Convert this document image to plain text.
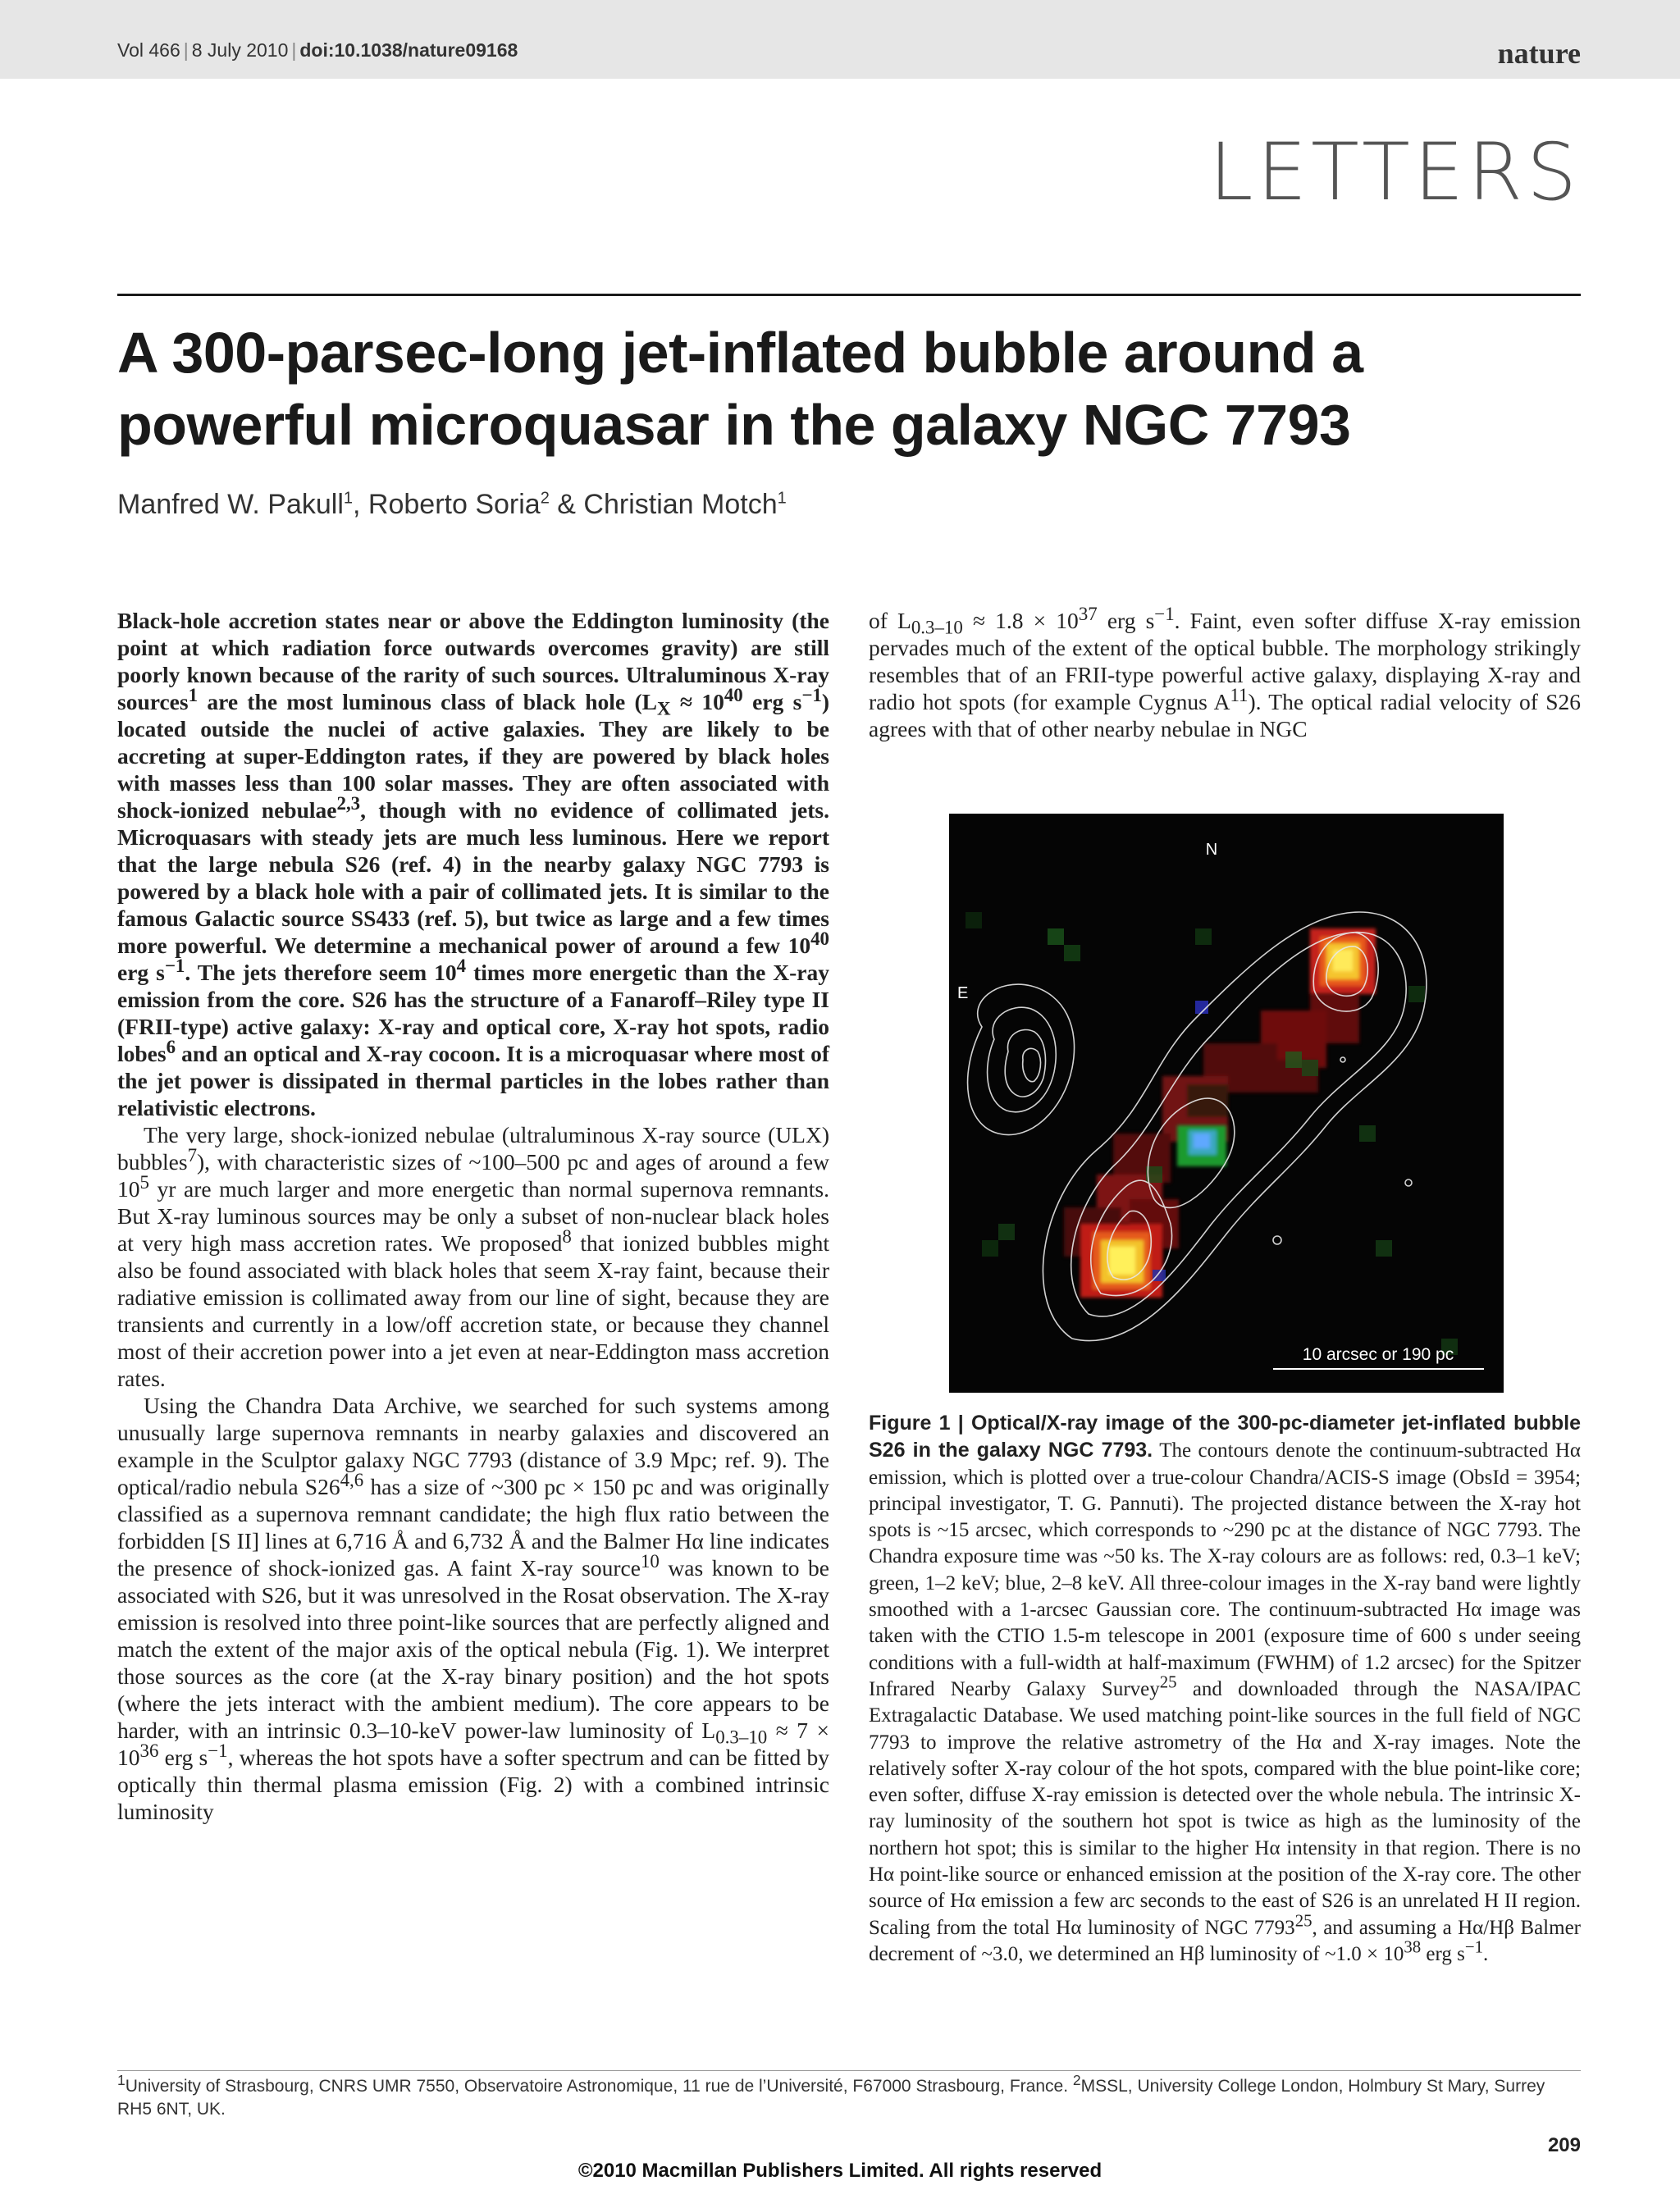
Vol 466 | 8 July 2010 | doi:10.1038/nature09168	nature
LETTERS
A 300-parsec-long jet-inflated bubble around a
powerful microquasar in the galaxy NGC 7793
Manfred W. Pakull$^1$, Roberto Soria$^2$ & Christian Motch$^1$

Black-hole accretion states near or above the Eddington luminosity (the point at which radiation force outwards overcomes gravity) are still poorly known because of the rarity of such sources. Ultraluminous X-ray sources$^1$ are the most luminous class of black hole ($L_X \approx 10^{40}$ erg $s^{-1}$) located outside the nuclei of active galaxies. They are likely to be accreting at super-Eddington rates, if they are powered by black holes with masses less than 100 solar masses. They are often associated with shock-ionized nebulae$^{2,3}$, though with no evidence of collimated jets. Microquasars with steady jets are much less luminous. Here we report that the large nebula S26 (ref. 4) in the nearby galaxy NGC 7793 is powered by a black hole with a pair of collimated jets. It is similar to the famous Galactic source SS433 (ref. 5), but twice as large and a few times more powerful. We determine a mechanical power of around a few $10^{40}$ erg $s^{-1}$. The jets therefore seem $10^4$ times more energetic than the X-ray emission from the core. S26 has the structure of a Fanaroff–Riley type II (FRII-type) active galaxy: X-ray and optical core, X-ray hot spots, radio lobes$^6$ and an optical and X-ray cocoon. It is a microquasar where most of the jet power is dissipated in thermal particles in the lobes rather than relativistic electrons.

The very large, shock-ionized nebulae (ultraluminous X-ray source (ULX) bubbles$^7$), with characteristic sizes of ~100–500 pc and ages of around a few $10^5$ yr are much larger and more energetic than normal supernova remnants. But X-ray luminous sources may be only a subset of non-nuclear black holes at very high mass accretion rates. We proposed$^8$ that ionized bubbles might also be found associated with black holes that seem X-ray faint, because their radiative emission is collimated away from our line of sight, because they are transients and currently in a low/off accretion state, or because they channel most of their accretion power into a jet even at near-Eddington mass accretion rates.

Using the Chandra Data Archive, we searched for such systems among unusually large supernova remnants in nearby galaxies and discovered an example in the Sculptor galaxy NGC 7793 (distance of 3.9 Mpc; ref. 9). The optical/radio nebula S26$^{4,6}$ has a size of ~300 pc × 150 pc and was originally classified as a supernova remnant candidate; the high flux ratio between the forbidden [S II] lines at 6,716 Å and 6,732 Å and the Balmer Hα line indicates the presence of shock-ionized gas. A faint X-ray source$^{10}$ was known to be associated with S26, but it was unresolved in the Rosat observation. The X-ray emission is resolved into three point-like sources that are perfectly aligned and match the extent of the major axis of the optical nebula (Fig. 1). We interpret those sources as the core (at the X-ray binary position) and the hot spots (where the jets interact with the ambient medium). The core appears to be harder, with an intrinsic 0.3–10-keV power-law luminosity of $L_{0.3-10} \approx 7 \times 10^{36}$ erg $s^{-1}$, whereas the hot spots have a softer spectrum and can be fitted by optically thin thermal plasma emission (Fig. 2) with a combined intrinsic luminosity

of $L_{0.3-10} \approx 1.8 \times 10^{37}$ erg $s^{-1}$. Faint, even softer diffuse X-ray emission pervades much of the extent of the optical bubble. The morphology strikingly resembles that of an FRII-type powerful active galaxy, displaying X-ray and radio hot spots (for example Cygnus $A^{11}$). The optical radial velocity of S26 agrees with that of other nearby nebulae in NGC

N
E
10 arcsec or 190 pc
Figure 1 | Optical/X-ray image of the 300-pc-diameter jet-inflated bubble S26 in the galaxy NGC 7793. The contours denote the continuum-subtracted Hα emission, which is plotted over a true-colour Chandra/ACIS-S image (ObsId = 3954; principal investigator, T. G. Pannuti). The projected distance between the X-ray hot spots is ~15 arcsec, which corresponds to ~290 pc at the distance of NGC 7793. The Chandra exposure time was ~50 ks. The X-ray colours are as follows: red, 0.3–1 keV; green, 1–2 keV; blue, 2–8 keV. All three-colour images in the X-ray band were lightly smoothed with a 1-arcsec Gaussian core. The continuum-subtracted Hα image was taken with the CTIO 1.5-m telescope in 2001 (exposure time of 600 s under seeing conditions with a full-width at half-maximum (FWHM) of 1.2 arcsec) for the Spitzer Infrared Nearby Galaxy Survey$^{25}$ and downloaded through the NASA/IPAC Extragalactic Database. We used matching point-like sources in the full field of NGC 7793 to improve the relative astrometry of the Hα and X-ray images. Note the relatively softer X-ray colour of the hot spots, compared with the blue point-like core; even softer, diffuse X-ray emission is detected over the whole nebula. The intrinsic X-ray luminosity of the southern hot spot is twice as high as the luminosity of the northern hot spot; this is similar to the higher Hα intensity in that region. There is no Hα point-like source or enhanced emission at the position of the X-ray core. The other source of Hα emission a few arc seconds to the east of S26 is an unrelated H II region. Scaling from the total Hα luminosity of NGC 7793$^{25}$, and assuming a Hα/Hβ Balmer decrement of ~3.0, we determined an Hβ luminosity of ~1.0 × $10^{38}$ erg $s^{-1}$.
$^1$University of Strasbourg, CNRS UMR 7550, Observatoire Astronomique, 11 rue de l’Université, F67000 Strasbourg, France. $^2$MSSL, University College London, Holmbury St Mary, Surrey RH5 6NT, UK.
209
©2010 Macmillan Publishers Limited. All rights reserved
